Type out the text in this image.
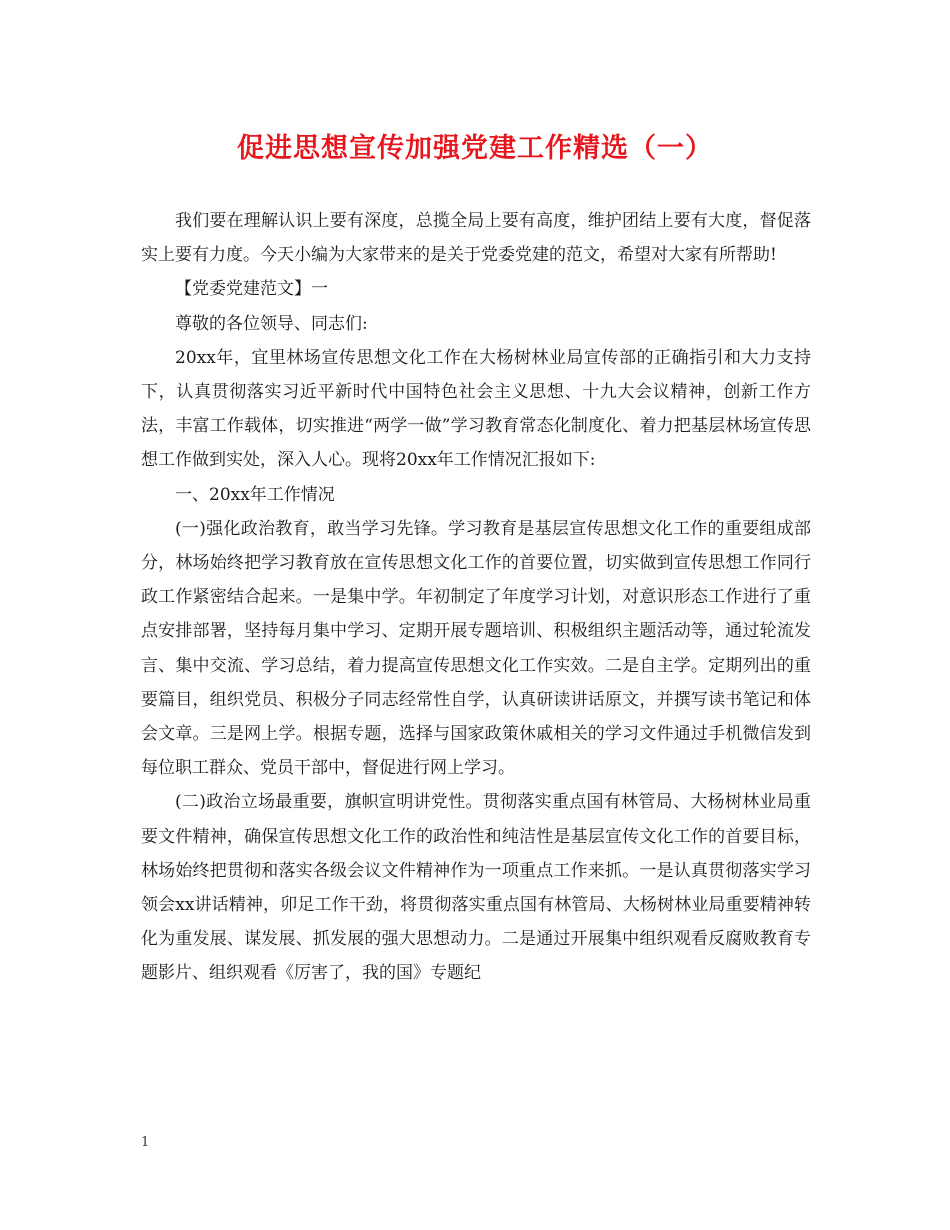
促进思想宣传加强党建工作精选（一）

我们要在理解认识上要有深度，总揽全局上要有高度，维护团结上要有大度，督促落实上要有力度。今天小编为大家带来的是关于党委党建的范文，希望对大家有所帮助!

【党委党建范文】一

尊敬的各位领导、同志们:

20xx年，宜里林场宣传思想文化工作在大杨树林业局宣传部的正确指引和大力支持下，认真贯彻落实习近平新时代中国特色社会主义思想、十九大会议精神，创新工作方法，丰富工作载体，切实推进“两学一做”学习教育常态化制度化、着力把基层林场宣传思想工作做到实处，深入人心。现将20xx年工作情况汇报如下:

一、20xx年工作情况

(一)强化政治教育，敢当学习先锋。学习教育是基层宣传思想文化工作的重要组成部分，林场始终把学习教育放在宣传思想文化工作的首要位置，切实做到宣传思想工作同行政工作紧密结合起来。一是集中学。年初制定了年度学习计划，对意识形态工作进行了重点安排部署，坚持每月集中学习、定期开展专题培训、积极组织主题活动等，通过轮流发言、集中交流、学习总结，着力提高宣传思想文化工作实效。二是自主学。定期列出的重要篇目，组织党员、积极分子同志经常性自学，认真研读讲话原文，并撰写读书笔记和体会文章。三是网上学。根据专题，选择与国家政策休戚相关的学习文件通过手机微信发到每位职工群众、党员干部中，督促进行网上学习。

(二)政治立场最重要，旗帜宣明讲党性。贯彻落实重点国有林管局、大杨树林业局重要文件精神，确保宣传思想文化工作的政治性和纯洁性是基层宣传文化工作的首要目标，林场始终把贯彻和落实各级会议文件精神作为一项重点工作来抓。一是认真贯彻落实学习领会xx讲话精神，卯足工作干劲，将贯彻落实重点国有林管局、大杨树林业局重要精神转化为重发展、谋发展、抓发展的强大思想动力。二是通过开展集中组织观看反腐败教育专题影片、组织观看《厉害了，我的国》专题纪

1
